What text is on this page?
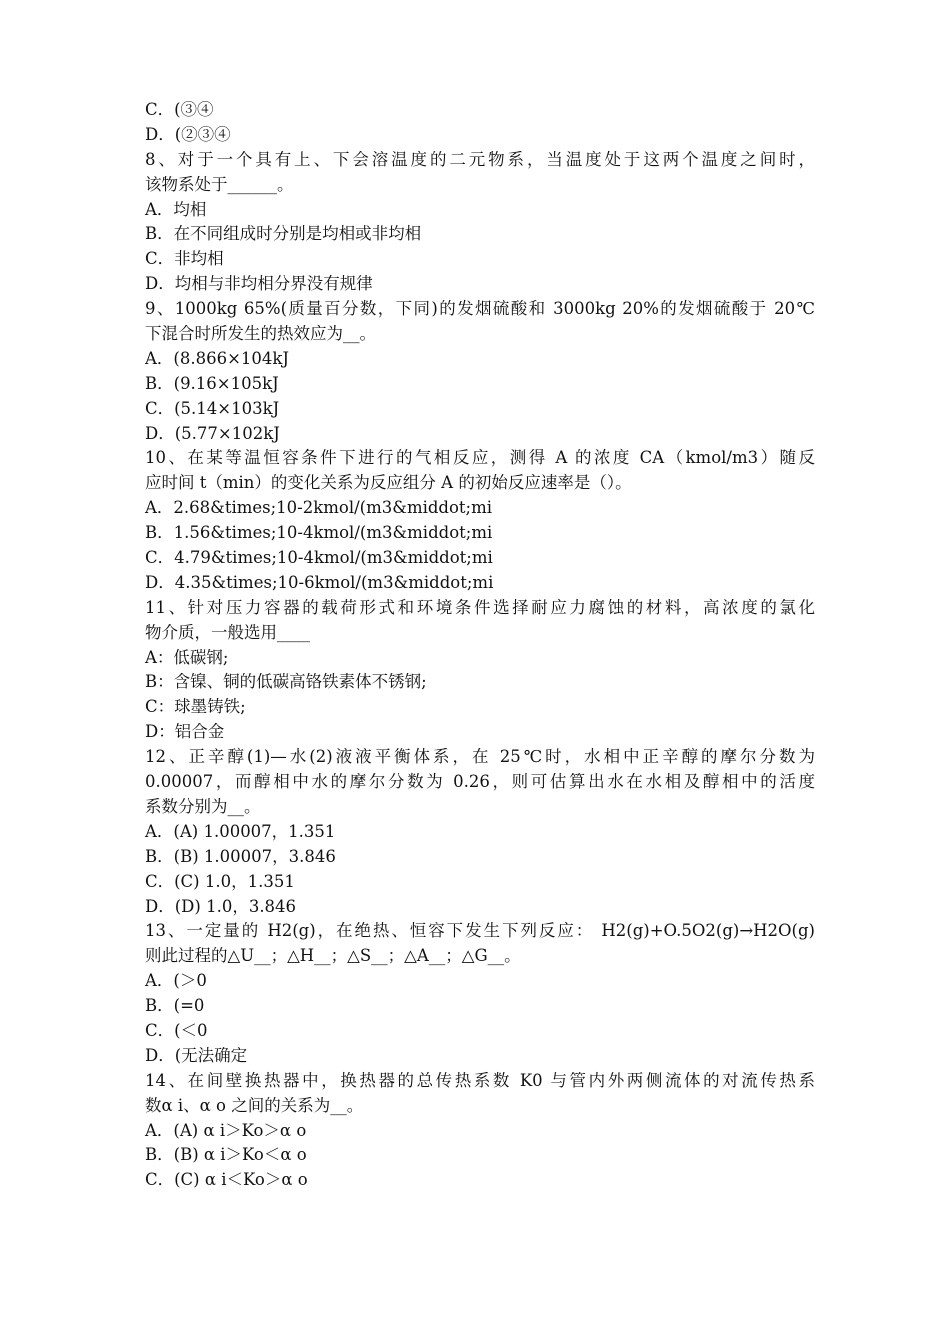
C．(③④
D．(②③④
8、对于一个具有上、下会溶温度的二元物系，当温度处于这两个温度之间时，
该物系处于______。
A．均相
B．在不同组成时分别是均相或非均相
C．非均相
D．均相与非均相分界没有规律
9、1000kg 65%(质量百分数，下同)的发烟硫酸和 3000kg 20%的发烟硫酸于 20℃
下混合时所发生的热效应为__。
A．(8.866×104kJ
B．(9.16×105kJ
C．(5.14×103kJ
D．(5.77×102kJ
10、在某等温恒容条件下进行的气相反应，测得 A 的浓度 CA（kmol/m3）随反
应时间 t（min）的变化关系为反应组分 A 的初始反应速率是（）。
A．2.68&times;10-2kmol/(m3&middot;mi
B．1.56&times;10-4kmol/(m3&middot;mi
C．4.79&times;10-4kmol/(m3&middot;mi
D．4.35&times;10-6kmol/(m3&middot;mi
11、针对压力容器的载荷形式和环境条件选择耐应力腐蚀的材料，高浓度的氯化
物介质，一般选用____
A：低碳钢;
B：含镍、铜的低碳高铬铁素体不锈钢;
C：球墨铸铁;
D：铝合金
12、正辛醇(1)—水(2)液液平衡体系，在 25℃时，水相中正辛醇的摩尔分数为
0.00007，而醇相中水的摩尔分数为 0.26，则可估算出水在水相及醇相中的活度
系数分别为__。
A．(A) 1.00007，1.351
B．(B) 1.00007，3.846
C．(C) 1.0，1.351
D．(D) 1.0，3.846
13、一定量的 H2(g)，在绝热、恒容下发生下列反应： H2(g)+O.5O2(g)→H2O(g)
则此过程的△U__；△H__；△S__；△A__；△G__。
A．(＞0
B．(=0
C．(＜0
D．(无法确定
14、在间壁换热器中，换热器的总传热系数 K0 与管内外两侧流体的对流传热系
数α i、α o 之间的关系为__。
A．(A) α i＞Ko＞α o
B．(B) α i＞Ko＜α o
C．(C) α i＜Ko＞α o
